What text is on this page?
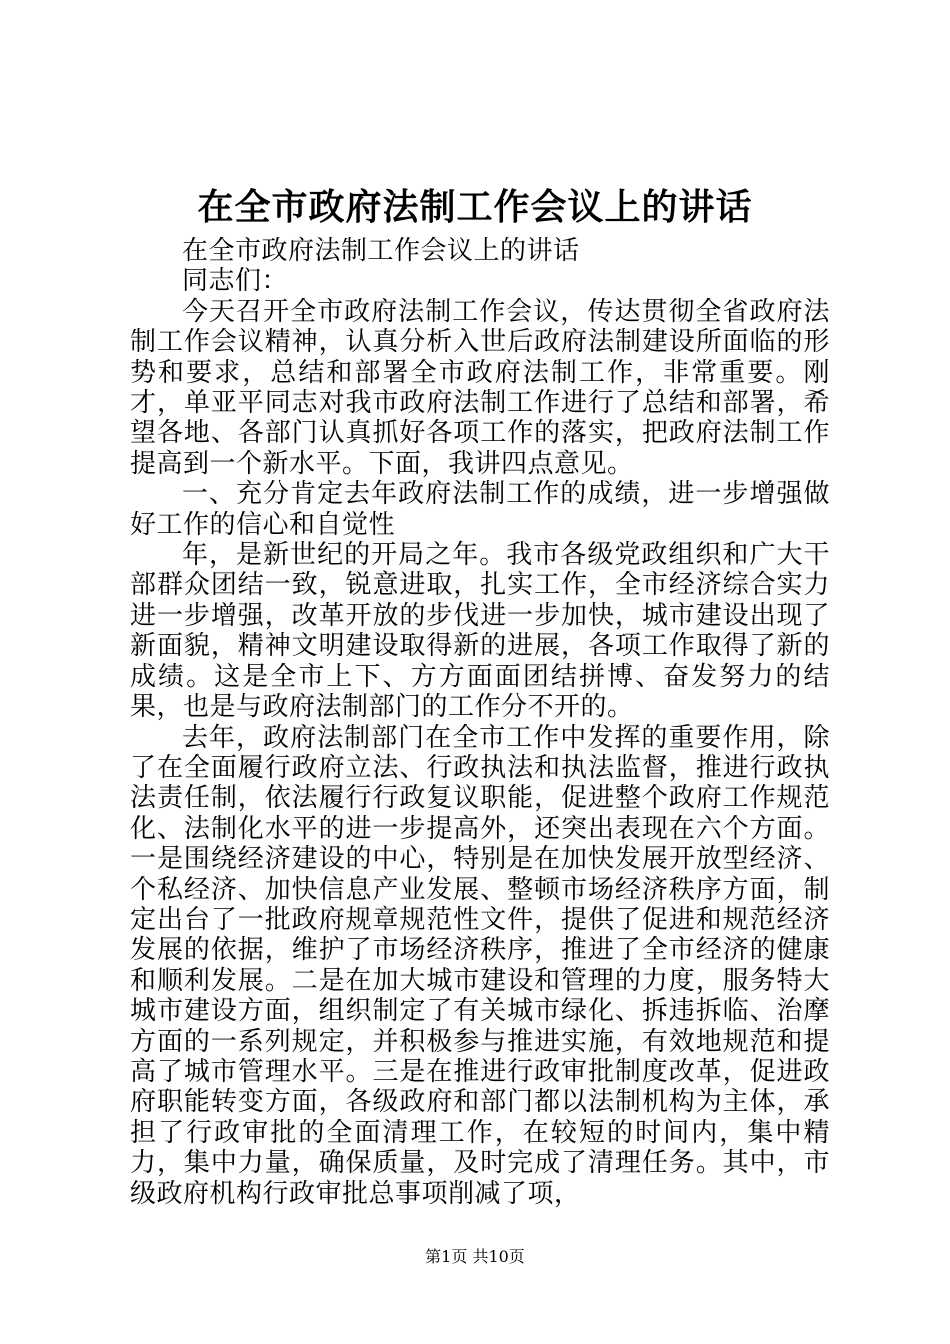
在全市政府法制工作会议上的讲话

在全市政府法制工作会议上的讲话

同志们：

今天召开全市政府法制工作会议，传达贯彻全省政府法制工作会议精神，认真分析入世后政府法制建设所面临的形势和要求，总结和部署全市政府法制工作，非常重要。刚才，单亚平同志对我市政府法制工作进行了总结和部署，希望各地、各部门认真抓好各项工作的落实，把政府法制工作提高到一个新水平。下面，我讲四点意见。

一、充分肯定去年政府法制工作的成绩，进一步增强做好工作的信心和自觉性

年，是新世纪的开局之年。我市各级党政组织和广大干部群众团结一致，锐意进取，扎实工作，全市经济综合实力进一步增强，改革开放的步伐进一步加快，城市建设出现了新面貌，精神文明建设取得新的进展，各项工作取得了新的成绩。这是全市上下、方方面面团结拼博、奋发努力的结果，也是与政府法制部门的工作分不开的。

去年，政府法制部门在全市工作中发挥的重要作用，除了在全面履行政府立法、行政执法和执法监督，推进行政执法责任制，依法履行行政复议职能，促进整个政府工作规范化、法制化水平的进一步提高外，还突出表现在六个方面。一是围绕经济建设的中心，特别是在加快发展开放型经济、个私经济、加快信息产业发展、整顿市场经济秩序方面，制定出台了一批政府规章规范性文件，提供了促进和规范经济发展的依据，维护了市场经济秩序，推进了全市经济的健康和顺利发展。二是在加大城市建设和管理的力度，服务特大城市建设方面，组织制定了有关城市绿化、拆违拆临、治摩方面的一系列规定，并积极参与推进实施，有效地规范和提高了城市管理水平。三是在推进行政审批制度改革，促进政府职能转变方面，各级政府和部门都以法制机构为主体，承担了行政审批的全面清理工作，在较短的时间内，集中精力，集中力量，确保质量，及时完成了清理任务。其中，市级政府机构行政审批总事项削减了项，

第1页 共10页
